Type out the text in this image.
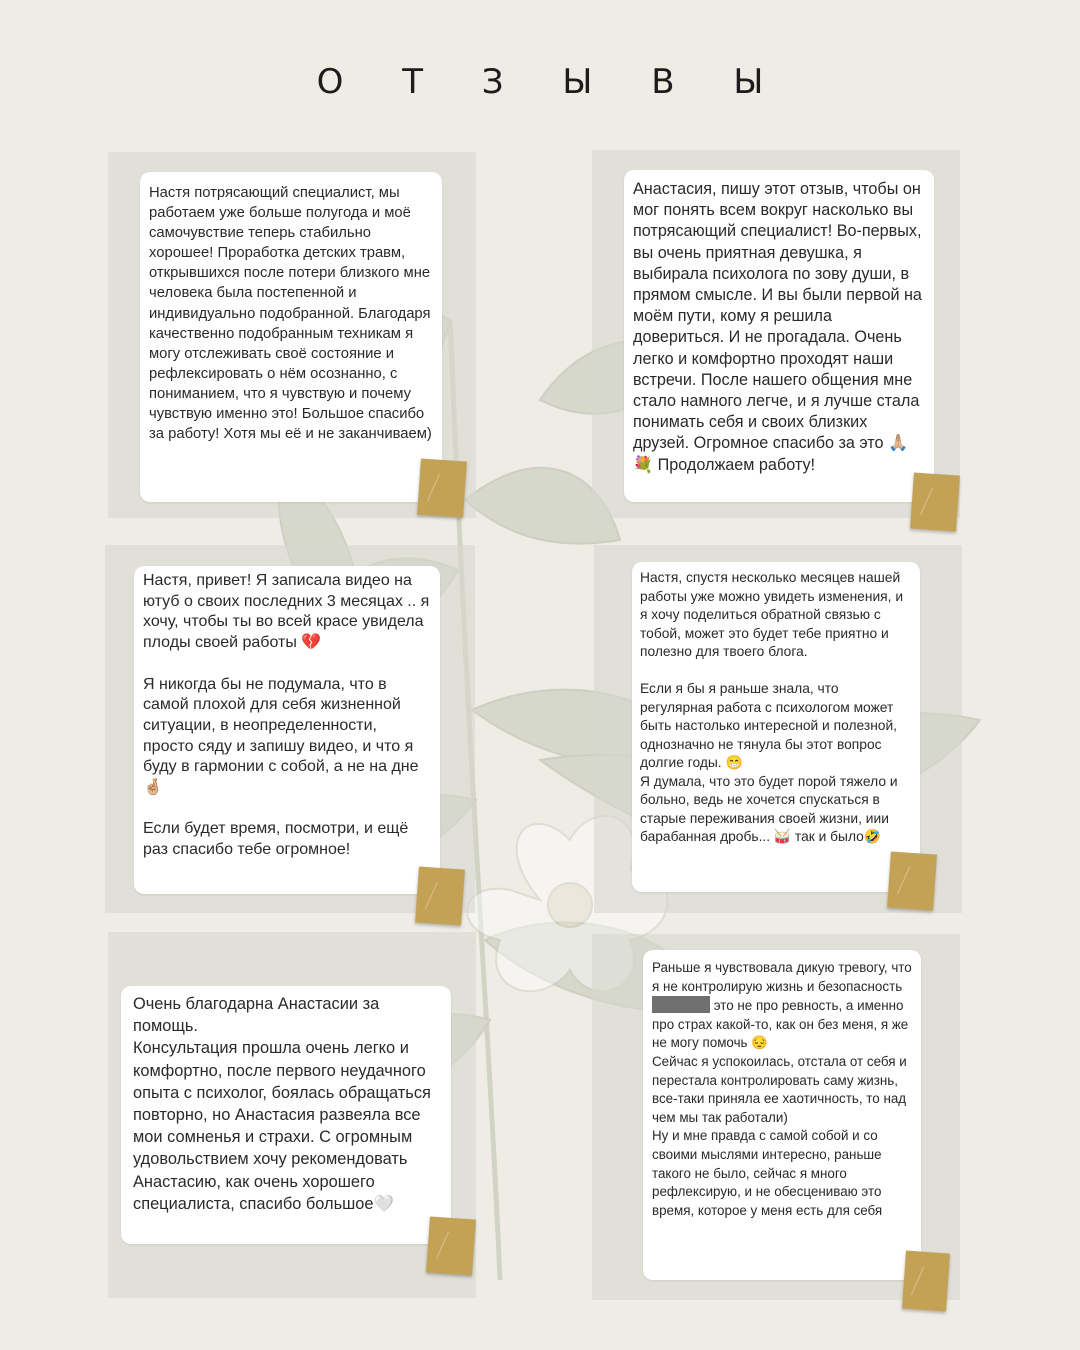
О Т З Ы В Ы
Настя потрясающий специалист, мы работаем уже больше полугода и моё самочувствие теперь стабильно хорошее! Проработка детских травм, открывшихся после потери близкого мне человека была постепенной и индивидуально подобранной. Благодаря качественно подобранным техникам я могу отслеживать своё состояние и рефлексировать о нём осознанно, с пониманием, что я чувствую и почему чувствую именно это! Большое спасибо за работу! Хотя мы её и не заканчиваем)
Анастасия, пишу этот отзыв, чтобы он мог понять всем вокруг насколько вы потрясающий специалист! Во-первых, вы очень приятная девушка, я выбирала психолога по зову души, в прямом смысле. И вы были первой на моём пути, кому я решила довериться. И не прогадала. Очень легко и комфортно проходят наши встречи. После нашего общения мне стало намного легче, и я лучше стала понимать себя и своих близких друзей. Огромное спасибо за это 🙏🏼💐 Продолжаем работу!
Настя, привет! Я записала видео на ютуб о своих последних 3 месяцах .. я хочу, чтобы ты во всей красе увидела плоды своей работы 💔

Я никогда бы не подумала, что в самой плохой для себя жизненной ситуации, в неопределенности, просто сяду и запишу видео, и что я буду в гармонии с собой, а не на дне🤞🏼

Если будет время, посмотри, и ещё раз спасибо тебе огромное!
Настя, спустя несколько месяцев нашей работы уже можно увидеть изменения, и я хочу поделиться обратной связью с тобой, может это будет тебе приятно и полезно для твоего блога.

Если я бы я раньше знала, что регулярная работа с психологом может быть настолько интересной и полезной, однозначно не тянула бы этот вопрос долгие годы. 😁
Я думала, что это будет порой тяжело и больно, ведь не хочется спускаться в старые переживания своей жизни, иии барабанная дробь... 🥁 так и было🤣
Очень благодарна Анастасии за помощь.
Консультация прошла очень легко и комфортно, после первого неудачного опыта с психолог, боялась обращаться повторно, но Анастасия развеяла все мои сомненья и страхи. С огромным удовольствием хочу рекомендовать Анастасию, как очень хорошего специалиста, спасибо большое🤍
Раньше я чувствовала дикую тревогу, что я не контролирую жизнь и безопасность  это не про ревность, а именно про страх какой-то, как он без меня, я же не могу помочь 😔
Сейчас я успокоилась, отстала от себя и перестала контролировать саму жизнь, все-таки приняла ее хаотичность, то над чем мы так работали)
Ну и мне правда с самой собой и со своими мыслями интересно, раньше такого не было, сейчас я много рефлексирую, и не обесцениваю это время, которое у меня есть для себя
